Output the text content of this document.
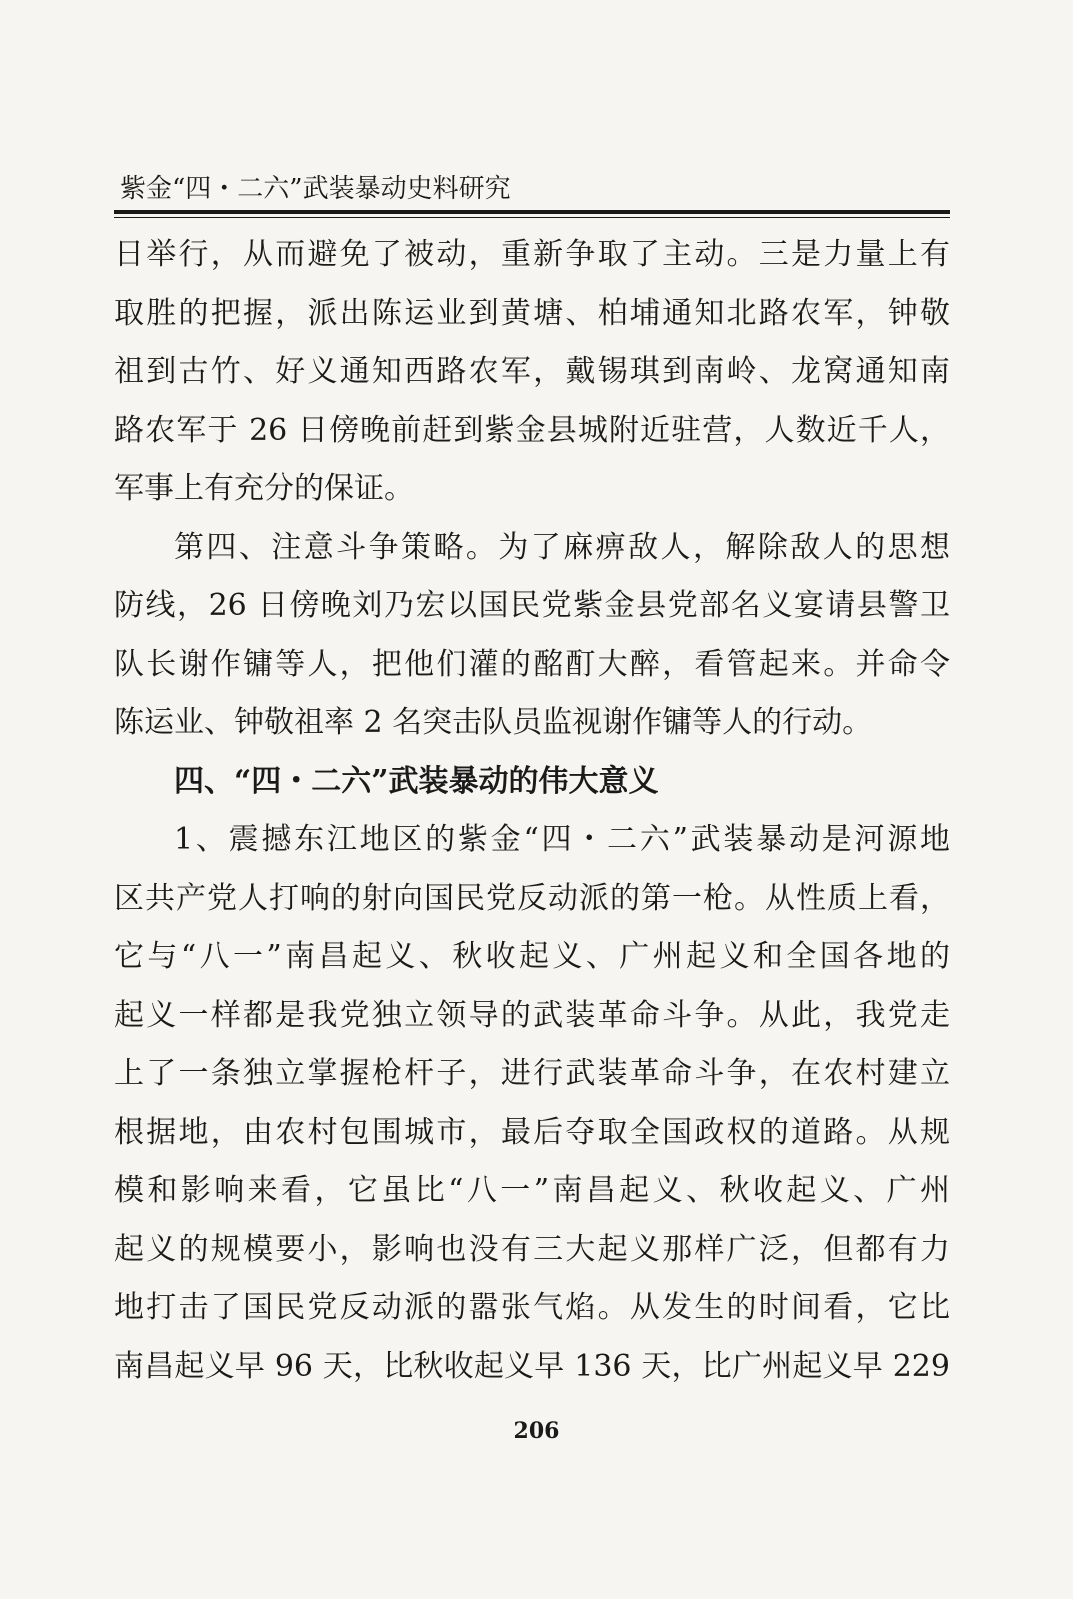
紫金“四・二六”武装暴动史料研究
日举行，从而避免了被动，重新争取了主动。三是力量上有
取胜的把握，派出陈运业到黄塘、柏埔通知北路农军，钟敬
祖到古竹、好义通知西路农军，戴锡琪到南岭、龙窝通知南
路农军于 26 日傍晚前赶到紫金县城附近驻营，人数近千人，
军事上有充分的保证。
第四、注意斗争策略。为了麻痹敌人，解除敌人的思想
防线，26 日傍晚刘乃宏以国民党紫金县党部名义宴请县警卫
队长谢作镛等人，把他们灌的酩酊大醉，看管起来。并命令
陈运业、钟敬祖率 2 名突击队员监视谢作镛等人的行动。
四、“四・二六”武装暴动的伟大意义
1、震撼东江地区的紫金“四・二六”武装暴动是河源地
区共产党人打响的射向国民党反动派的第一枪。从性质上看，
它与“八一”南昌起义、秋收起义、广州起义和全国各地的
起义一样都是我党独立领导的武装革命斗争。从此，我党走
上了一条独立掌握枪杆子，进行武装革命斗争，在农村建立
根据地，由农村包围城市，最后夺取全国政权的道路。从规
模和影响来看，它虽比“八一”南昌起义、秋收起义、广州
起义的规模要小，影响也没有三大起义那样广泛，但都有力
地打击了国民党反动派的嚣张气焰。从发生的时间看，它比
南昌起义早 96 天，比秋收起义早 136 天，比广州起义早 229
206
